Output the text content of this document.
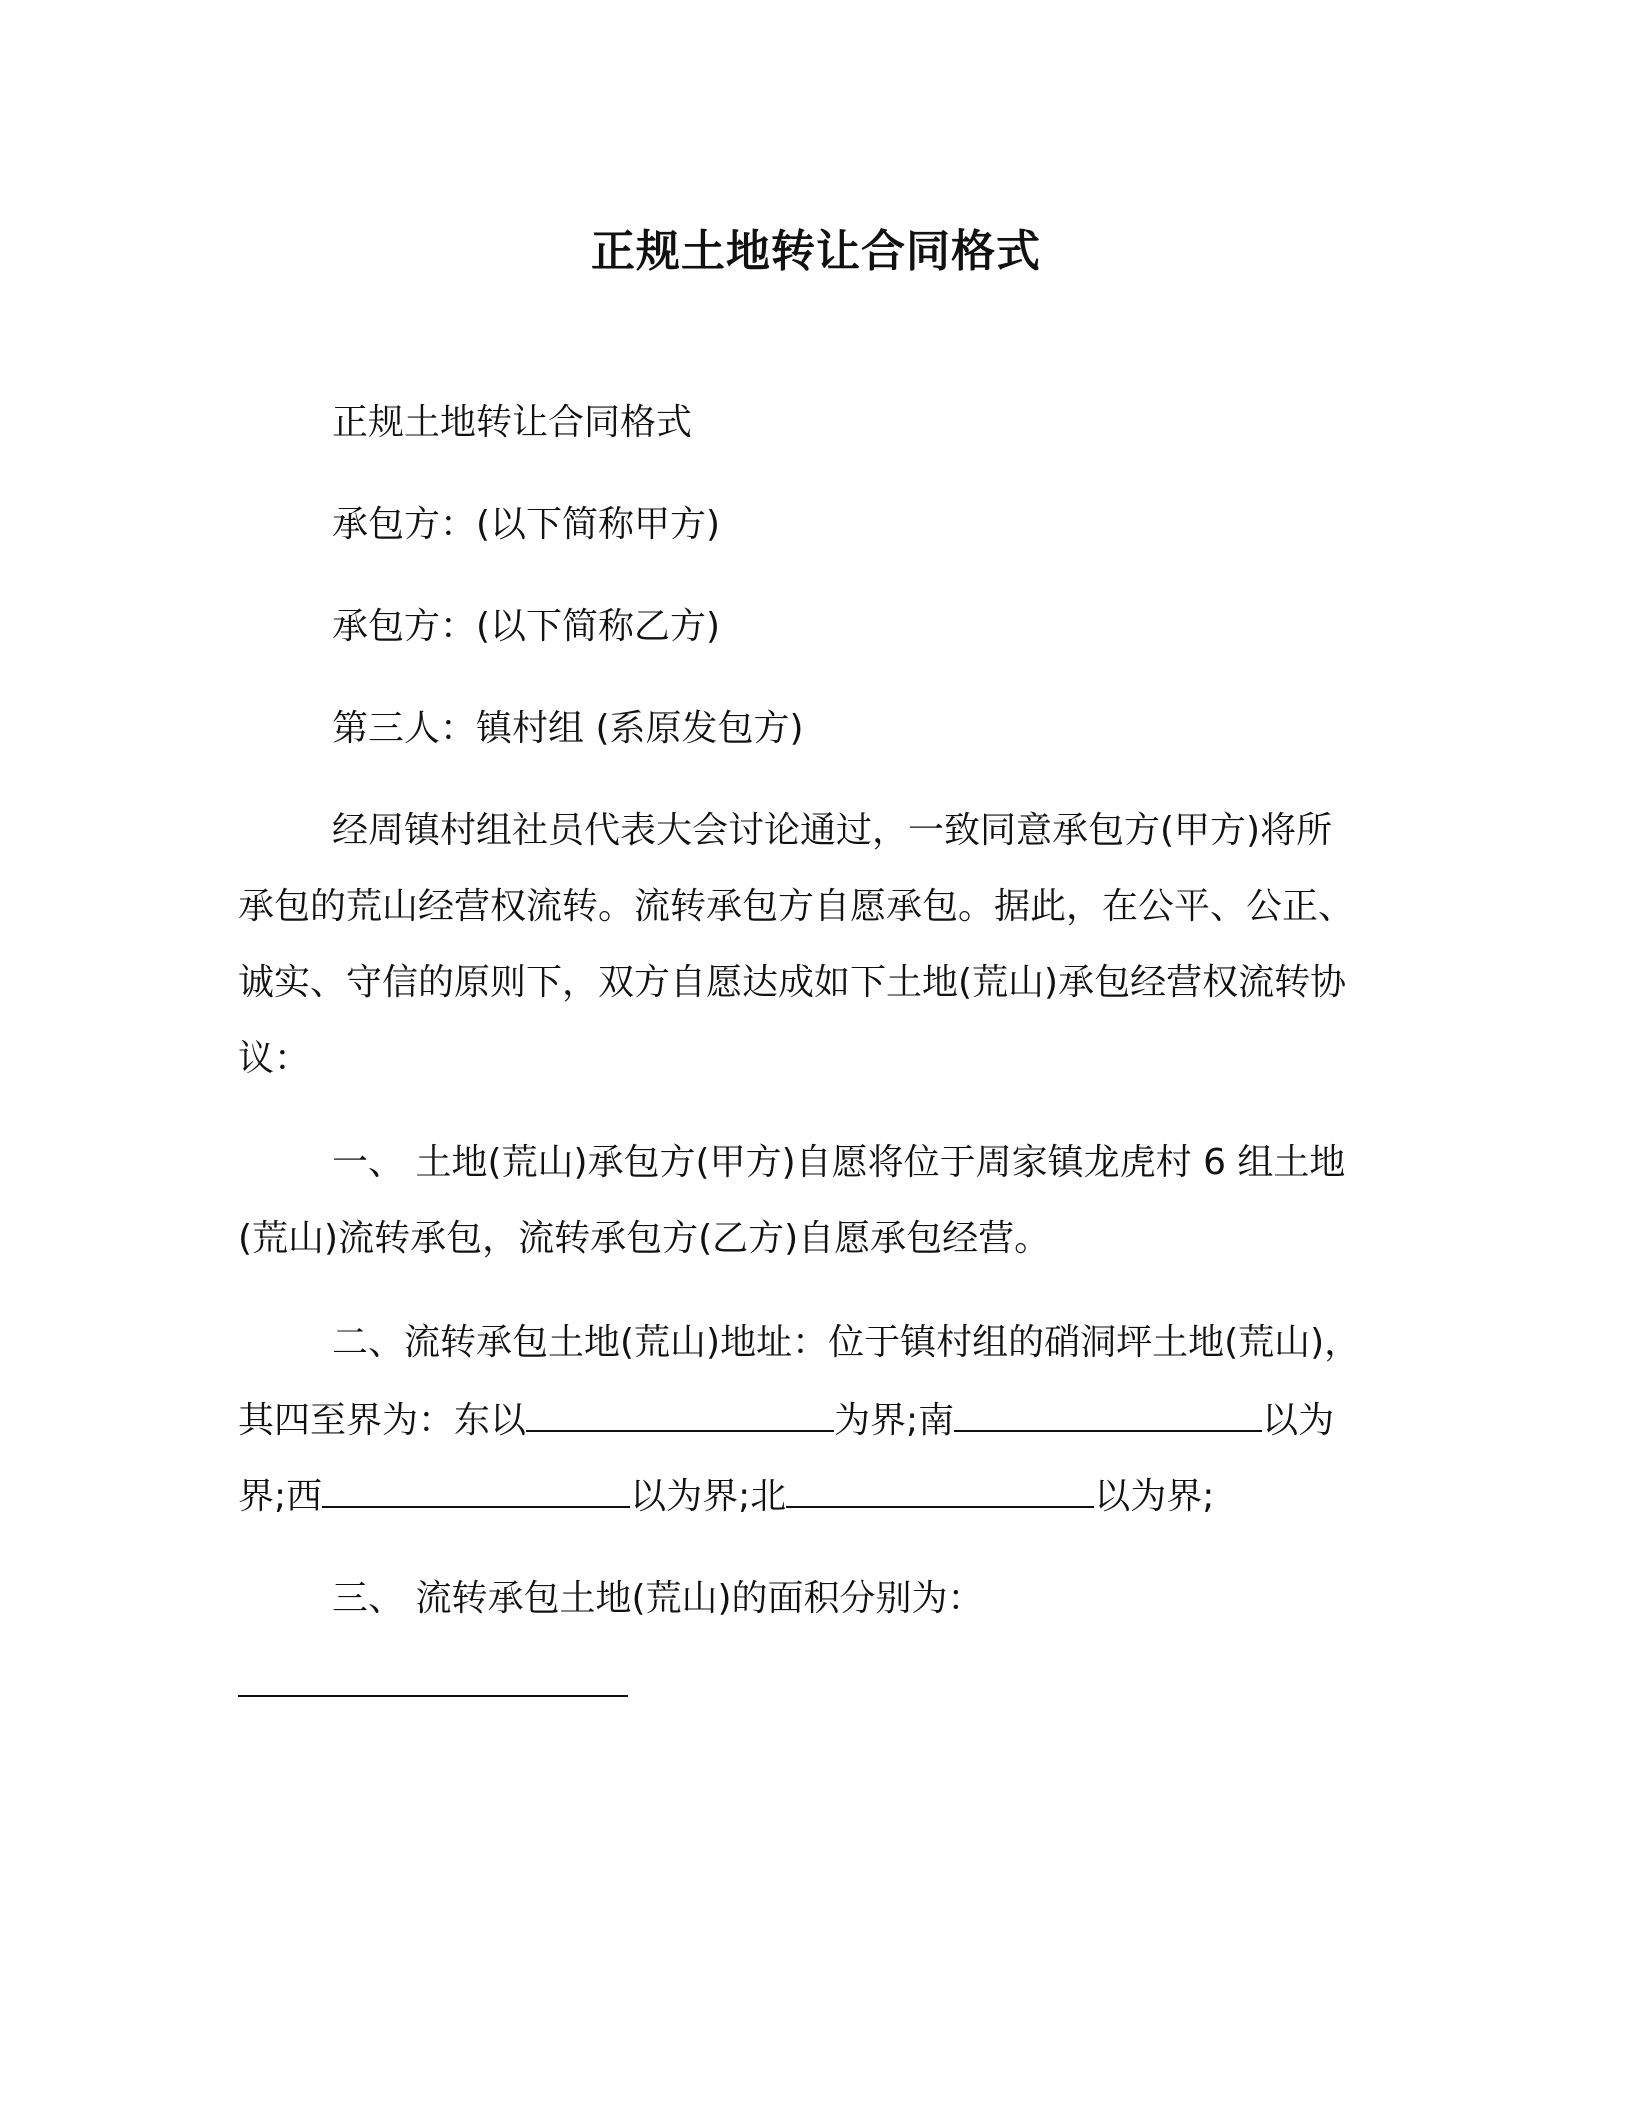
正规土地转让合同格式
正规土地转让合同格式
承包方：(以下简称甲方)
承包方：(以下简称乙方)
第三人：镇村组 (系原发包方)
经周镇村组社员代表大会讨论通过，一致同意承包方(甲方)将所
承包的荒山经营权流转。流转承包方自愿承包。据此，在公平、公正、
诚实、守信的原则下，双方自愿达成如下土地(荒山)承包经营权流转协
议：
一、 土地(荒山)承包方(甲方)自愿将位于周家镇龙虎村 6 组土地
(荒山)流转承包，流转承包方(乙方)自愿承包经营。
二、流转承包土地(荒山)地址：位于镇村组的硝洞坪土地(荒山)，
其四至界为：东以	为界;南	以为
界;西	以为界;北	以为界;
三、 流转承包土地(荒山)的面积分别为：
